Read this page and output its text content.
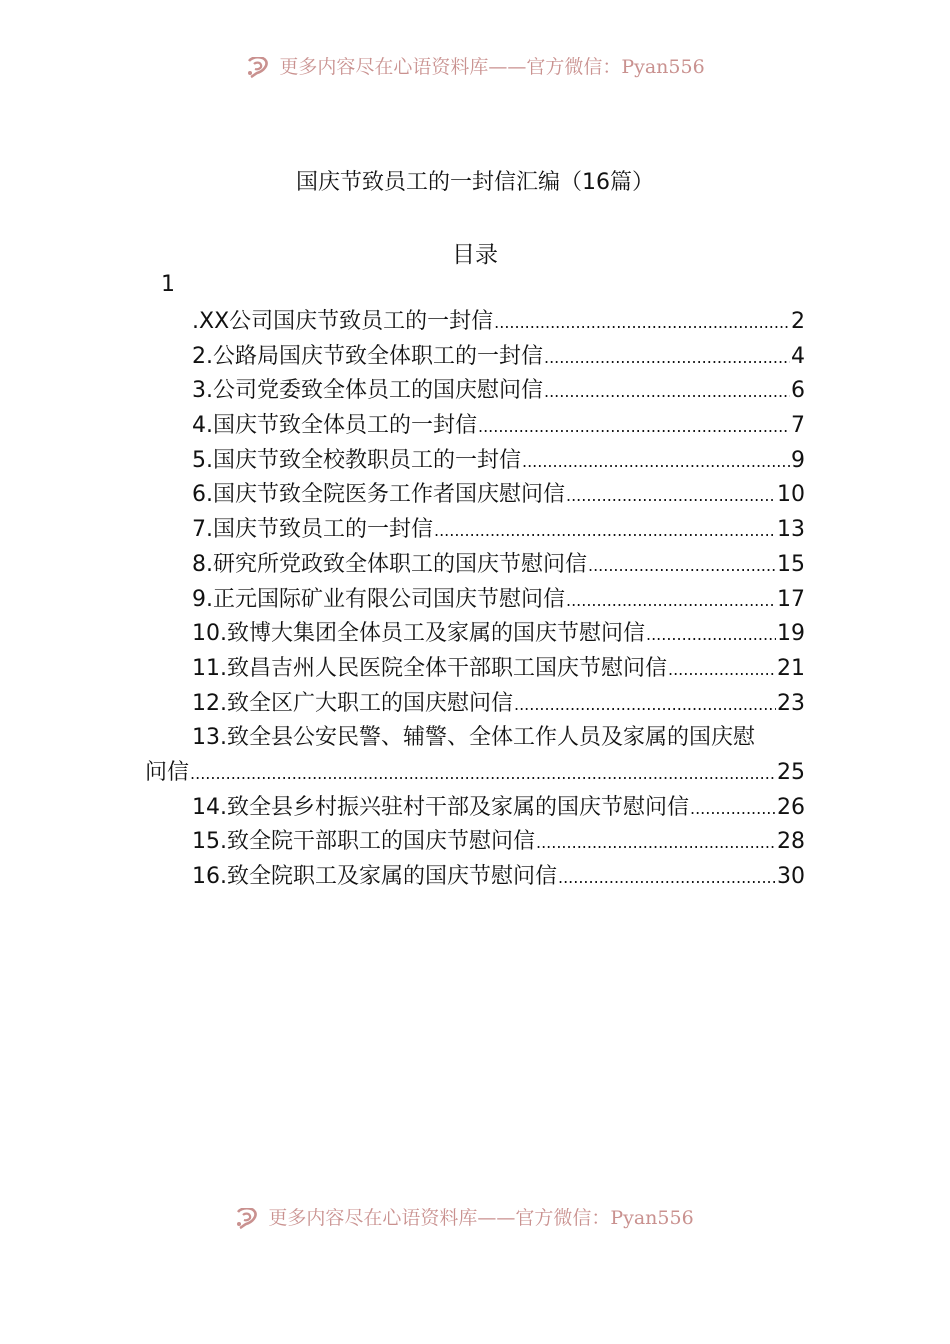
更多内容尽在心语资料库——官方微信：Pyan556
国庆节致员工的一封信汇编（16篇）
目录
1
.XX公司国庆节致员工的一封信 .....	2
2.公路局国庆节致全体职工的一封信 .....	4
3.公司党委致全体员工的国庆慰问信 .....	6
4.国庆节致全体员工的一封信 .....	7
5.国庆节致全校教职员工的一封信 .....	9
6.国庆节致全院医务工作者国庆慰问信 .....	10
7.国庆节致员工的一封信 .....	13
8.研究所党政致全体职工的国庆节慰问信 .....	15
9.正元国际矿业有限公司国庆节慰问信 .....	17
10.致博大集团全体员工及家属的国庆节慰问信 .....	19
11.致昌吉州人民医院全体干部职工国庆节慰问信 .....	21
12.致全区广大职工的国庆慰问信 .....	23
13.致全县公安民警、辅警、全体工作人员及家属的国庆慰
问信 .....	25
14.致全县乡村振兴驻村干部及家属的国庆节慰问信 .....	26
15.致全院干部职工的国庆节慰问信 .....	28
16.致全院职工及家属的国庆节慰问信 .....	30
更多内容尽在心语资料库——官方微信：Pyan556
